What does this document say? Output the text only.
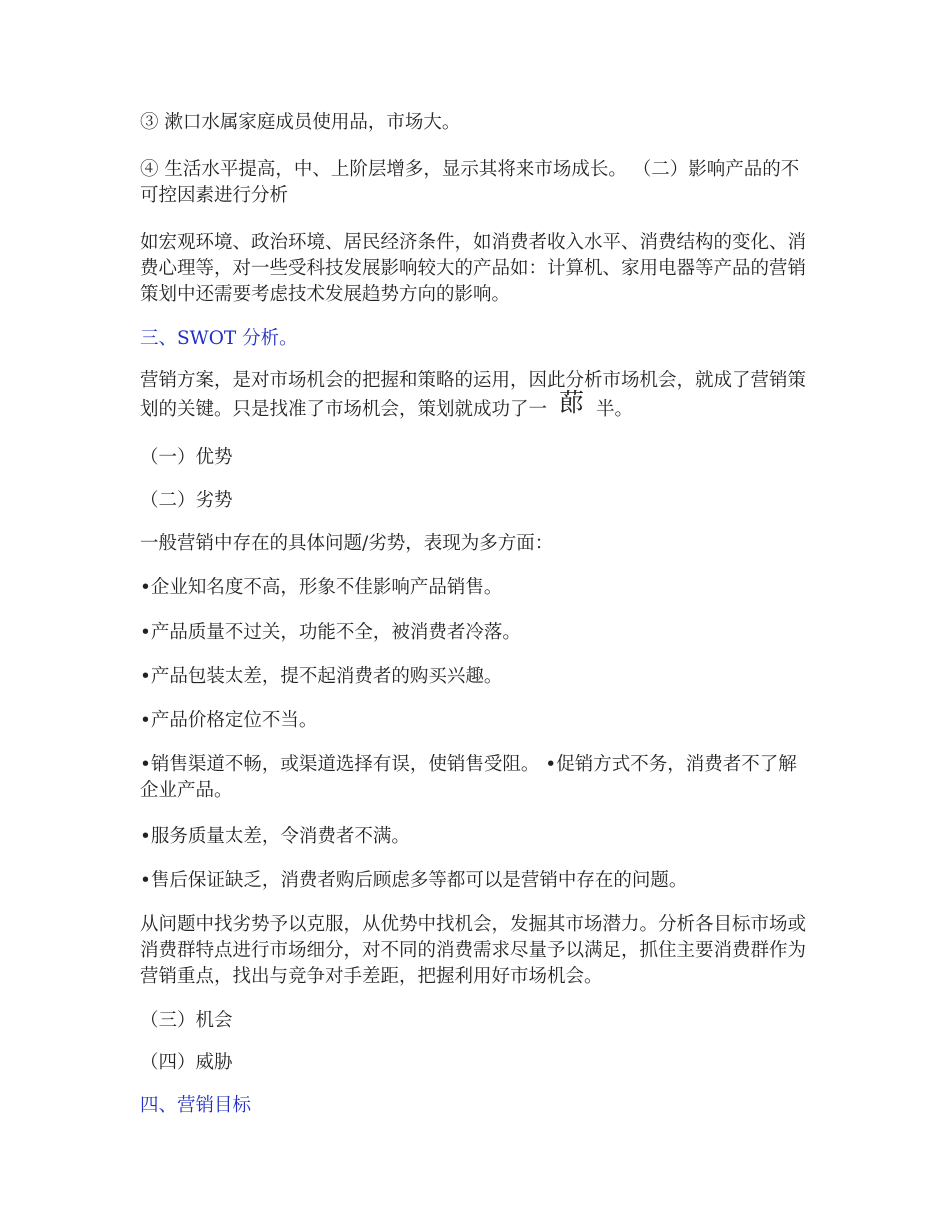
③ 漱口水属家庭成员使用品，市场大。

④ 生活水平提高，中、上阶层增多，显示其将来市场成长。 （二）影响产品的不可控因素进行分析

如宏观环境、政治环境、居民经济条件，如消费者收入水平、消费结构的变化、消费心理等，对一些受科技发展影响较大的产品如：计算机、家用电器等产品的营销策划中还需要考虑技术发展趋势方向的影响。

三、SWOT 分析。

营销方案，是对市场机会的把握和策略的运用，因此分析市场机会，就成了营销策划的关键。只是找准了市场机会，策划就成功了一 蓈 半。

（一）优势

（二）劣势

一般营销中存在的具体问题/劣势，表现为多方面：

•企业知名度不高，形象不佳影响产品销售。

•产品质量不过关，功能不全，被消费者冷落。

•产品包装太差，提不起消费者的购买兴趣。

•产品价格定位不当。

•销售渠道不畅，或渠道选择有误，使销售受阻。 •促销方式不务，消费者不了解企业产品。

•服务质量太差，令消费者不满。

•售后保证缺乏，消费者购后顾虑多等都可以是营销中存在的问题。

从问题中找劣势予以克服，从优势中找机会，发掘其市场潜力。分析各目标市场或消费群特点进行市场细分，对不同的消费需求尽量予以满足，抓住主要消费群作为营销重点，找出与竞争对手差距，把握利用好市场机会。

（三）机会

（四）威胁

四、营销目标
